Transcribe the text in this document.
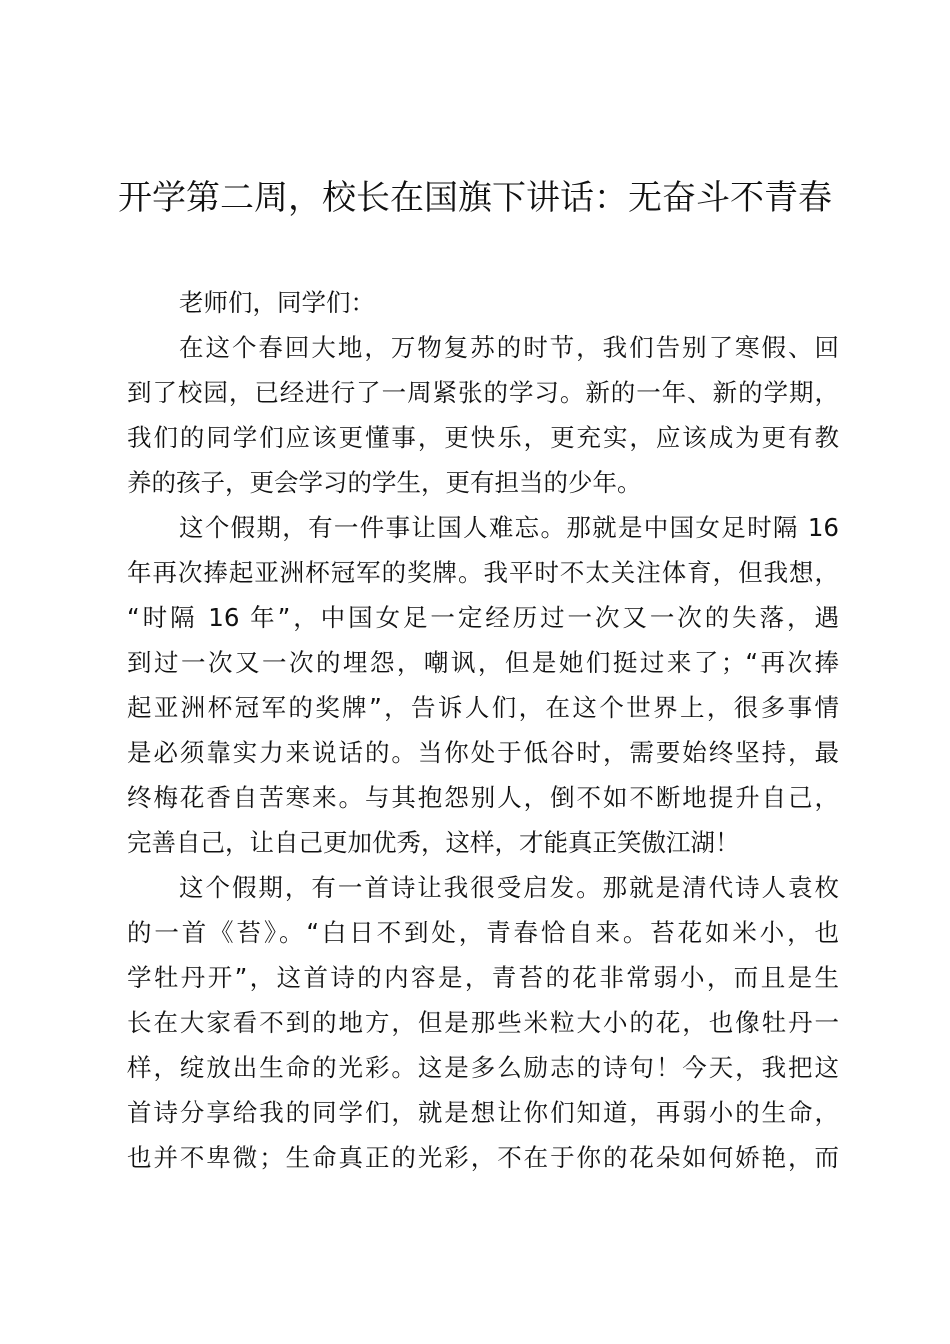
开学第二周，校长在国旗下讲话：无奋斗不青春
老师们，同学们：
在这个春回大地，万物复苏的时节，我们告别了寒假、回
到了校园，已经进行了一周紧张的学习。新的一年、新的学期，
我们的同学们应该更懂事，更快乐，更充实，应该成为更有教
养的孩子，更会学习的学生，更有担当的少年。
这个假期，有一件事让国人难忘。那就是中国女足时隔 16
年再次捧起亚洲杯冠军的奖牌。我平时不太关注体育，但我想，
“时隔 16 年”，中国女足一定经历过一次又一次的失落，遇
到过一次又一次的埋怨，嘲讽，但是她们挺过来了；“再次捧
起亚洲杯冠军的奖牌”，告诉人们，在这个世界上，很多事情
是必须靠实力来说话的。当你处于低谷时，需要始终坚持，最
终梅花香自苦寒来。与其抱怨别人，倒不如不断地提升自己，
完善自己，让自己更加优秀，这样，才能真正笑傲江湖！
这个假期，有一首诗让我很受启发。那就是清代诗人袁枚
的一首《苔》。“白日不到处，青春恰自来。苔花如米小，也
学牡丹开”，这首诗的内容是，青苔的花非常弱小，而且是生
长在大家看不到的地方，但是那些米粒大小的花，也像牡丹一
样，绽放出生命的光彩。这是多么励志的诗句！今天，我把这
首诗分享给我的同学们，就是想让你们知道，再弱小的生命，
也并不卑微；生命真正的光彩，不在于你的花朵如何娇艳，而
